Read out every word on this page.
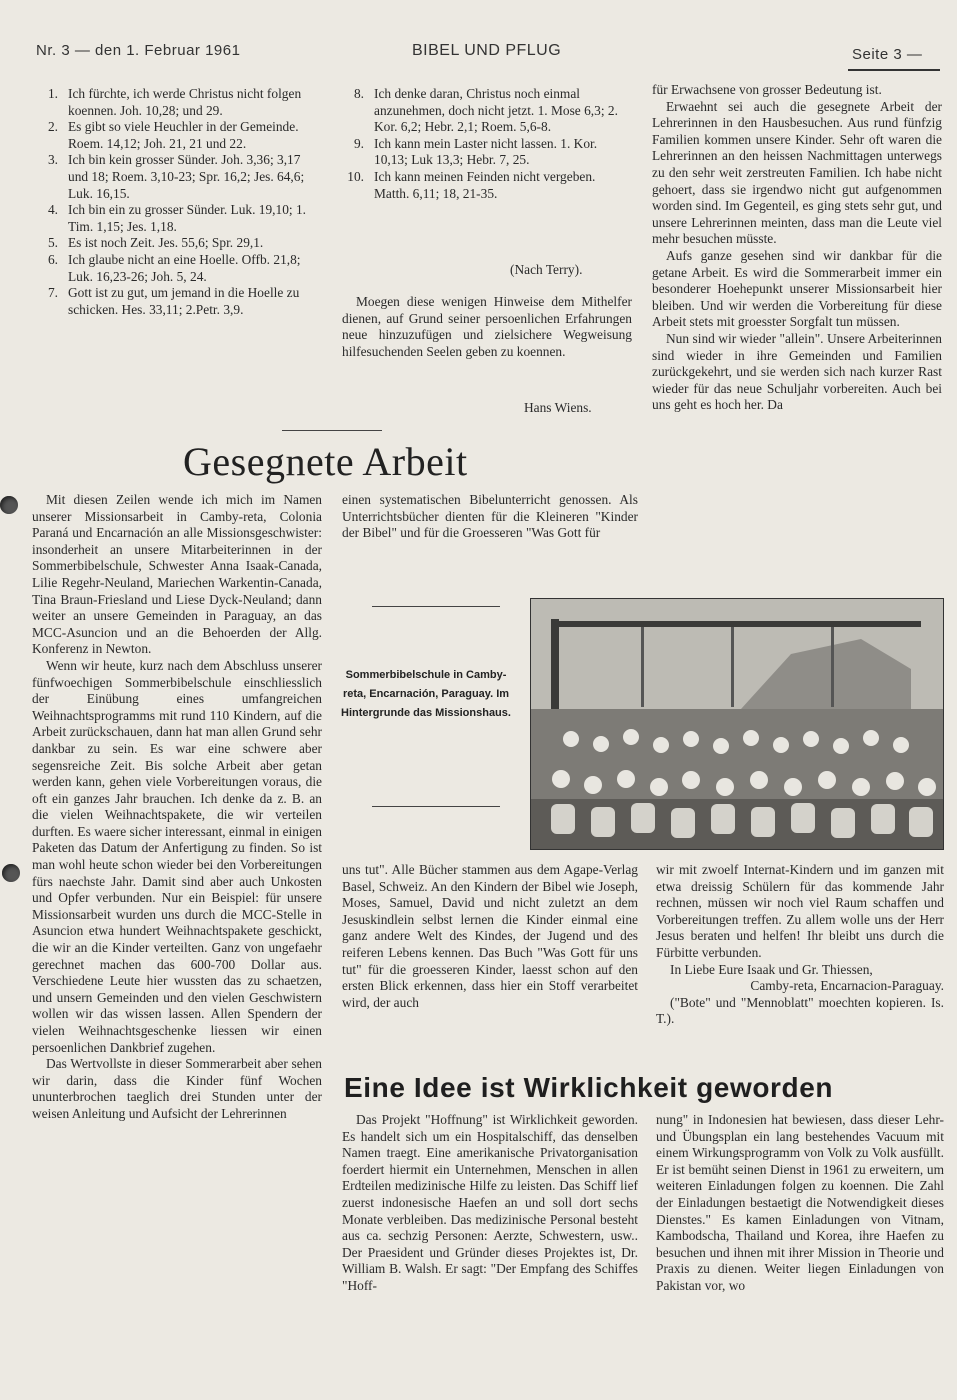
Nr. 3 — den 1. Februar 1961	BIBEL UND PFLUG	Seite 3 —
1. Ich fürchte, ich werde Christus nicht folgen koennen. Joh. 10,28; und 29.
2. Es gibt so viele Heuchler in der Gemeinde. Roem. 14,12; Joh. 21, 21 und 22.
3. Ich bin kein grosser Sünder. Joh. 3,36; 3,17 und 18; Roem. 3,10-23; Spr. 16,2; Jes. 64,6; Luk. 16,15.
4. Ich bin ein zu grosser Sünder. Luk. 19,10; 1. Tim. 1,15; Jes. 1,18.
5. Es ist noch Zeit. Jes. 55,6; Spr. 29,1.
6. Ich glaube nicht an eine Hoelle. Offb. 21,8; Luk. 16,23-26; Joh. 5, 24.
7. Gott ist zu gut, um jemand in die Hoelle zu schicken. Hes. 33,11; 2.Petr. 3,9.
8. Ich denke daran, Christus noch einmal anzunehmen, doch nicht jetzt. 1. Mose 6,3; 2. Kor. 6,2; Hebr. 2,1; Roem. 5,6-8.
9. Ich kann mein Laster nicht lassen. 1. Kor. 10,13; Luk 13,3; Hebr. 7, 25.
10. Ich kann meinen Feinden nicht vergeben. Matth. 6,11; 18, 21-35.
(Nach Terry).

Moegen diese wenigen Hinweise dem Mithelfer dienen, auf Grund seiner persoenlichen Erfahrungen neue hinzuzufügen und zielsichere Wegweisung hilfesuchenden Seelen geben zu koennen.

Hans Wiens.

für Erwachsene von grosser Bedeutung ist.

Erwaehnt sei auch die gesegnete Arbeit der Lehrerinnen in den Hausbesuchen. Aus rund fünfzig Familien kommen unsere Kinder. Sehr oft waren die Lehrerinnen an den heissen Nachmittagen unterwegs zu den sehr weit zerstreuten Familien. Ich habe nicht gehoert, dass sie irgendwo nicht gut aufgenommen worden sind. Im Gegenteil, es ging stets sehr gut, und unsere Lehrerinnen meinten, dass man die Leute viel mehr besuchen müsste.

Aufs ganze gesehen sind wir dankbar für die getane Arbeit. Es wird die Sommerarbeit immer ein besonderer Hoehepunkt unserer Missionsarbeit hier bleiben. Und wir werden die Vorbereitung für diese Arbeit stets mit groesster Sorgfalt tun müssen.

Nun sind wir wieder "allein". Unsere Arbeiterinnen sind wieder in ihre Gemeinden und Familien zurückgekehrt, und sie werden sich nach kurzer Rast wieder für das neue Schuljahr vorbereiten. Auch bei uns geht es hoch her. Da

Gesegnete Arbeit

Mit diesen Zeilen wende ich mich im Namen unserer Missionsarbeit in Camby-reta, Colonia Paraná und Encarnación an alle Missionsgeschwister: insonderheit an unsere Mitarbeiterinnen in der Sommerbibelschule, Schwester Anna Isaak-Canada, Lilie Regehr-Neuland, Mariechen Warkentin-Canada, Tina Braun-Friesland und Liese Dyck-Neuland; dann weiter an unsere Gemeinden in Paraguay, an das MCC-Asuncion und an die Behoerden der Allg. Konferenz in Newton.

Wenn wir heute, kurz nach dem Abschluss unserer fünfwoechigen Sommerbibelschule einschliesslich der Einübung eines umfangreichen Weihnachtsprogramms mit rund 110 Kindern, auf die Arbeit zurückschauen, dann hat man allen Grund sehr dankbar zu sein. Es war eine schwere aber segensreiche Zeit. Bis solche Arbeit aber getan werden kann, gehen viele Vorbereitungen voraus, die oft ein ganzes Jahr brauchen. Ich denke da z. B. an die vielen Weihnachtspakete, die wir verteilen durften. Es waere sicher interessant, einmal in einigen Paketen das Datum der Anfertigung zu finden. So ist man wohl heute schon wieder bei den Vorbereitungen fürs naechste Jahr. Damit sind aber auch Unkosten und Opfer verbunden. Nur ein Beispiel: für unsere Missionsarbeit wurden uns durch die MCC-Stelle in Asuncion etwa hundert Weihnachtspakete geschickt, die wir an die Kinder verteilten. Ganz von ungefaehr gerechnet machen das 600-700 Dollar aus. Verschiedene Leute hier wussten das zu schaetzen, und unsern Gemeinden und den vielen Geschwistern wollen wir das wissen lassen. Allen Spendern der vielen Weihnachtsgeschenke liessen wir einen persoenlichen Dankbrief zugehen.

Das Wertvollste in dieser Sommerarbeit aber sehen wir darin, dass die Kinder fünf Wochen ununterbrochen taeglich drei Stunden unter der weisen Anleitung und Aufsicht der Lehrerinnen

einen systematischen Bibelunterricht genossen. Als Unterrichtsbücher dienten für die Kleineren "Kinder der Bibel" und für die Groesseren "Was Gott für

Sommerbibelschule in Camby-reta, Encarnación, Paraguay. Im Hintergrunde das Missionshaus.

uns tut". Alle Bücher stammen aus dem Agape-Verlag Basel, Schweiz. An den Kindern der Bibel wie Joseph, Moses, Samuel, David und nicht zuletzt an dem Jesuskindlein selbst lernen die Kinder einmal eine ganz andere Welt des Kindes, der Jugend und des reiferen Lebens kennen. Das Buch "Was Gott für uns tut" für die groesseren Kinder, laesst schon auf den ersten Blick erkennen, dass hier ein Stoff verarbeitet wird, der auch

wir mit zwoelf Internat-Kindern und im ganzen mit etwa dreissig Schülern für das kommende Jahr rechnen, müssen wir noch viel Raum schaffen und Vorbereitungen treffen. Zu allem wolle uns der Herr Jesus beraten und helfen! Ihr bleibt uns durch die Fürbitte verbunden.

In Liebe Eure Isaak und Gr. Thiessen,

Camby-reta, Encarnacion-Paraguay.

("Bote" und "Mennoblatt" moechten kopieren. Is. T.).

Eine Idee ist Wirklichkeit geworden

Das Projekt "Hoffnung" ist Wirklichkeit geworden. Es handelt sich um ein Hospitalschiff, das denselben Namen traegt. Eine amerikanische Privatorganisation foerdert hiermit ein Unternehmen, Menschen in allen Erdteilen medizinische Hilfe zu leisten. Das Schiff lief zuerst indonesische Haefen an und soll dort sechs Monate verbleiben. Das medizinische Personal besteht aus ca. sechzig Personen: Aerzte, Schwestern, usw.. Der Praesident und Gründer dieses Projektes ist, Dr. William B. Walsh. Er sagt: "Der Empfang des Schiffes "Hoff-

nung" in Indonesien hat bewiesen, dass dieser Lehr- und Übungsplan ein lang bestehendes Vacuum mit einem Wirkungsprogramm von Volk zu Volk ausfüllt. Er ist bemüht seinen Dienst in 1961 zu erweitern, um weiteren Einladungen folgen zu koennen. Die Zahl der Einladungen bestaetigt die Notwendigkeit dieses Dienstes." Es kamen Einladungen von Vitnam, Kambodscha, Thailand und Korea, ihre Haefen zu besuchen und ihnen mit ihrer Mission in Theorie und Praxis zu dienen. Weiter liegen Einladungen von Pakistan vor, wo
